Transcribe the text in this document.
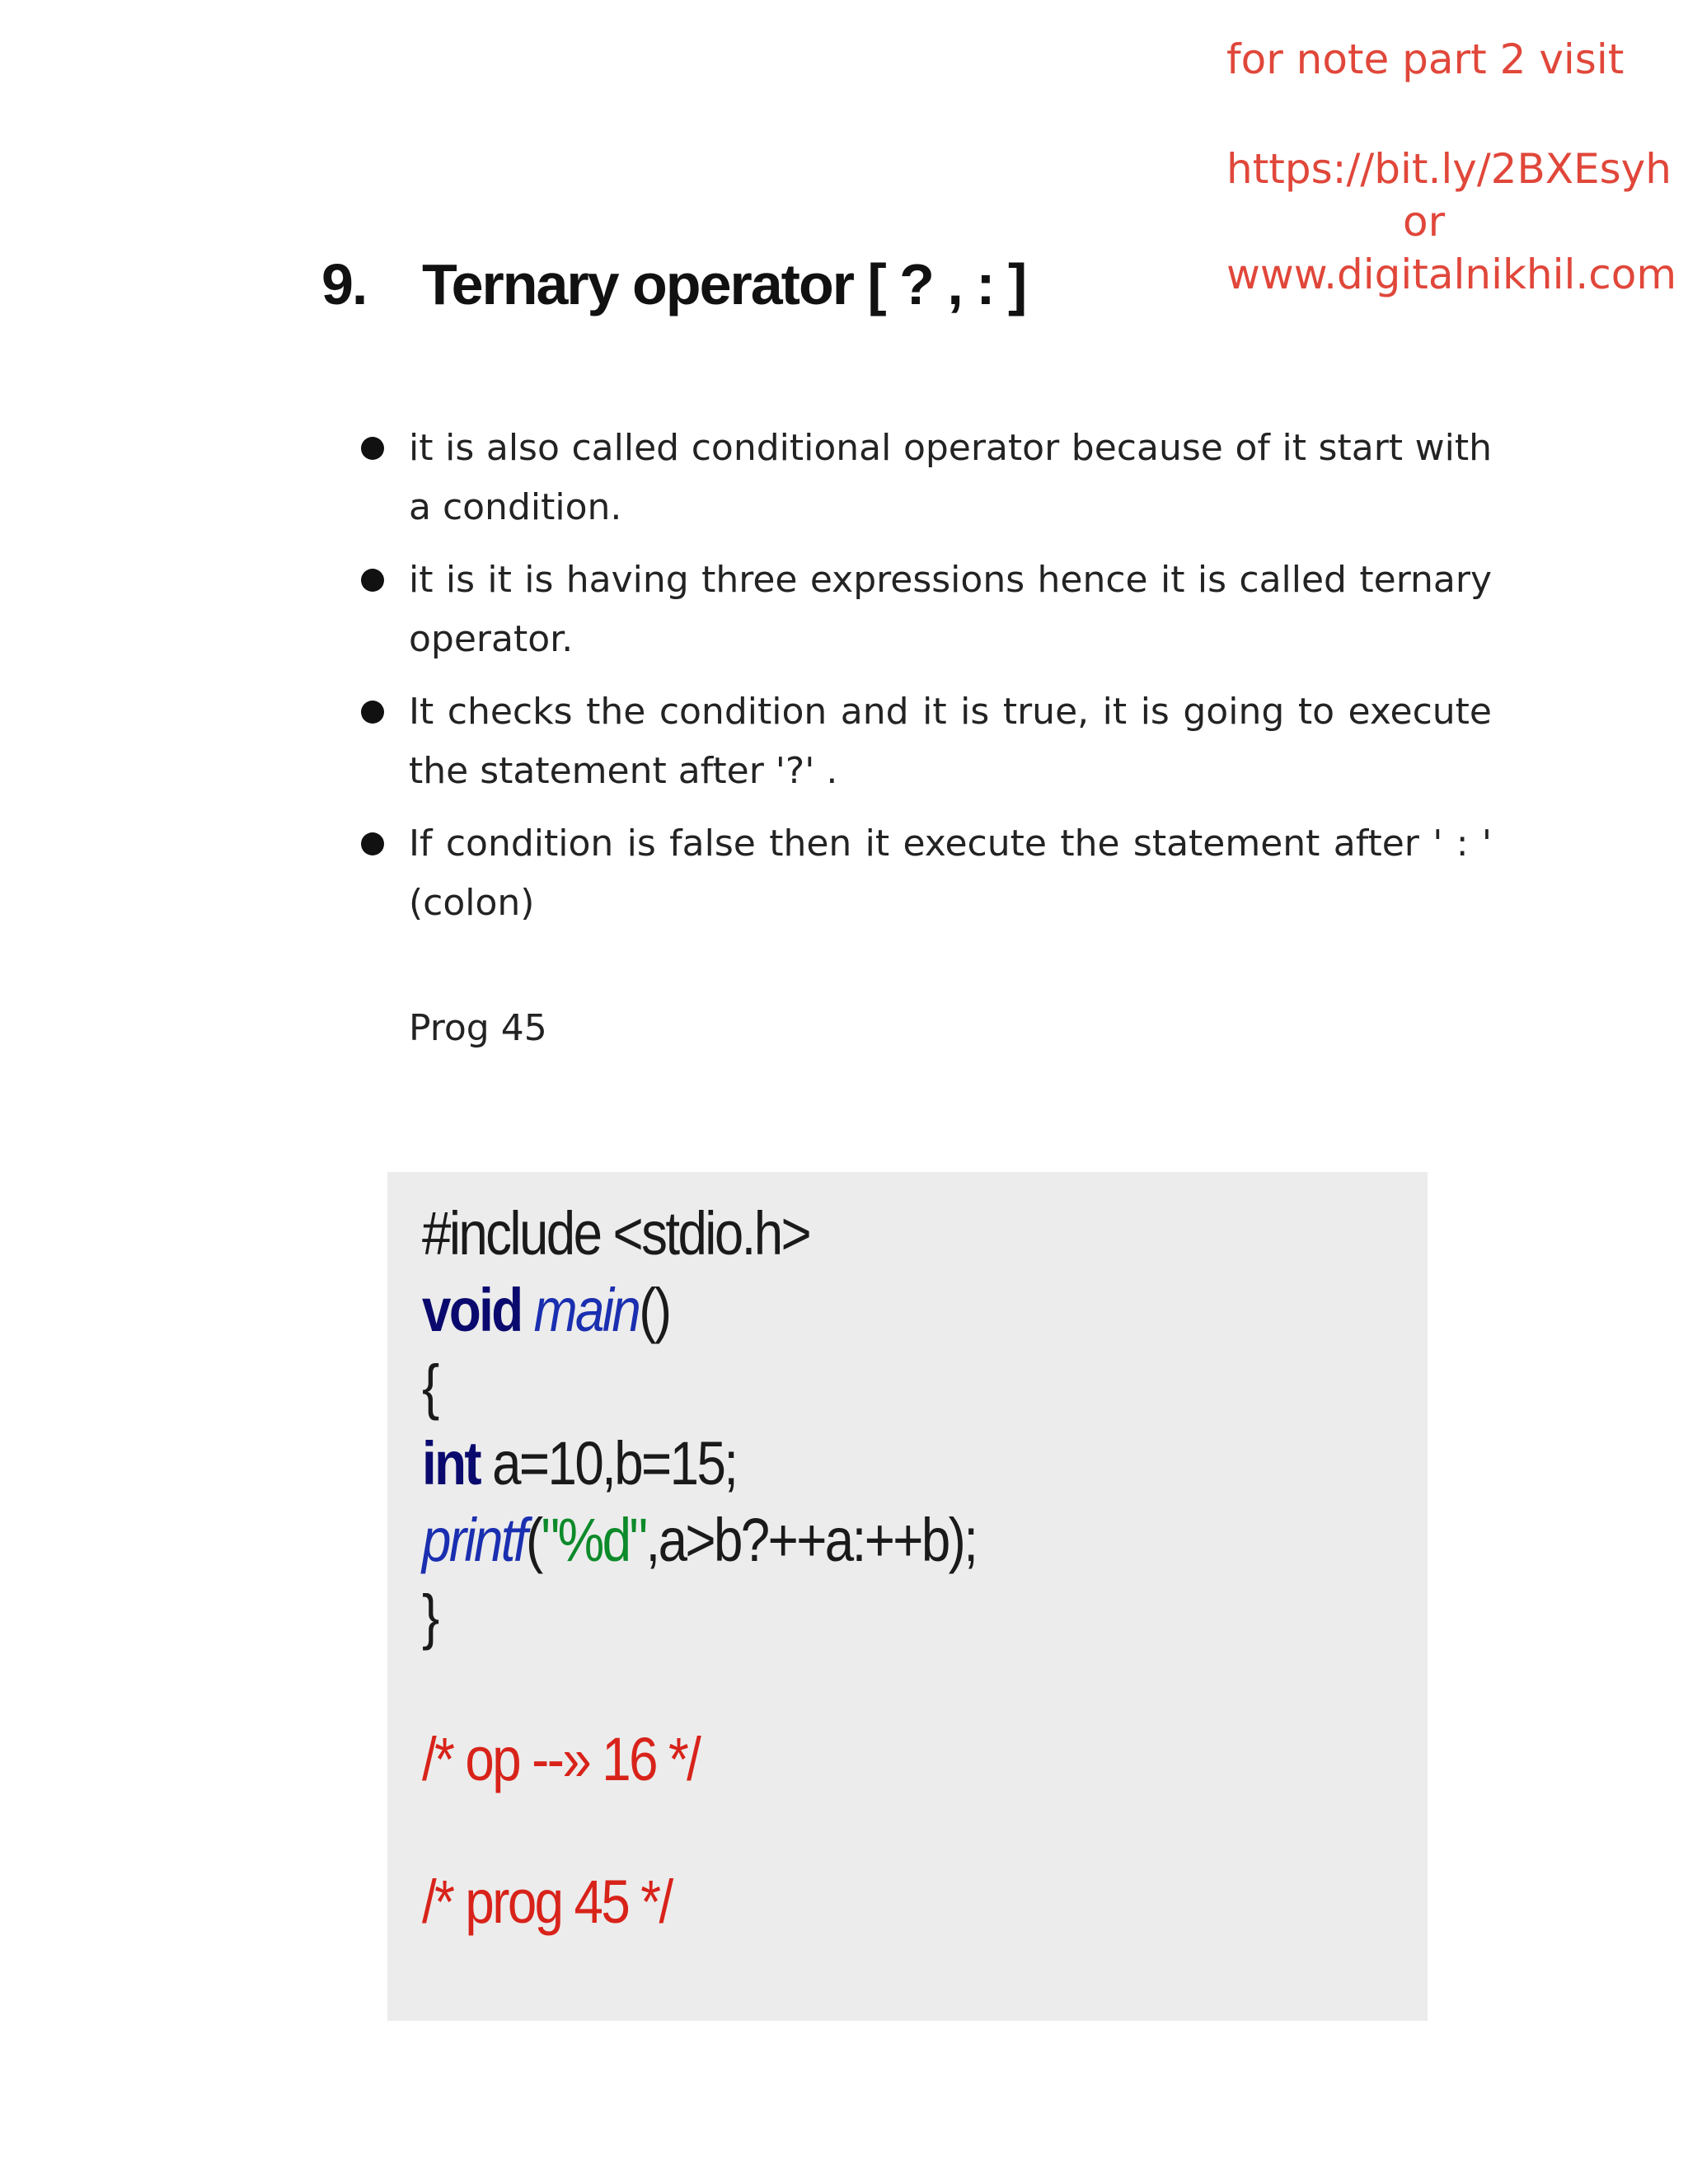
for note part 2 visit
https://bit.ly/2BXEsyh
or
www.digitalnikhil.com
9. Ternary operator [ ? , : ]
it is also called conditional operator because of it start with a condition.
it is it is having three expressions hence it is called ternary operator.
It checks the condition and it is true, it is going to execute the statement after '?' .
If condition is false then it execute the statement after ' : ' (colon)
Prog 45
#include <stdio.h>
void main()
{
int a=10,b=15;
printf("%d",a>b?++a:++b);
}
/* op --» 16 */
/* prog 45 */
